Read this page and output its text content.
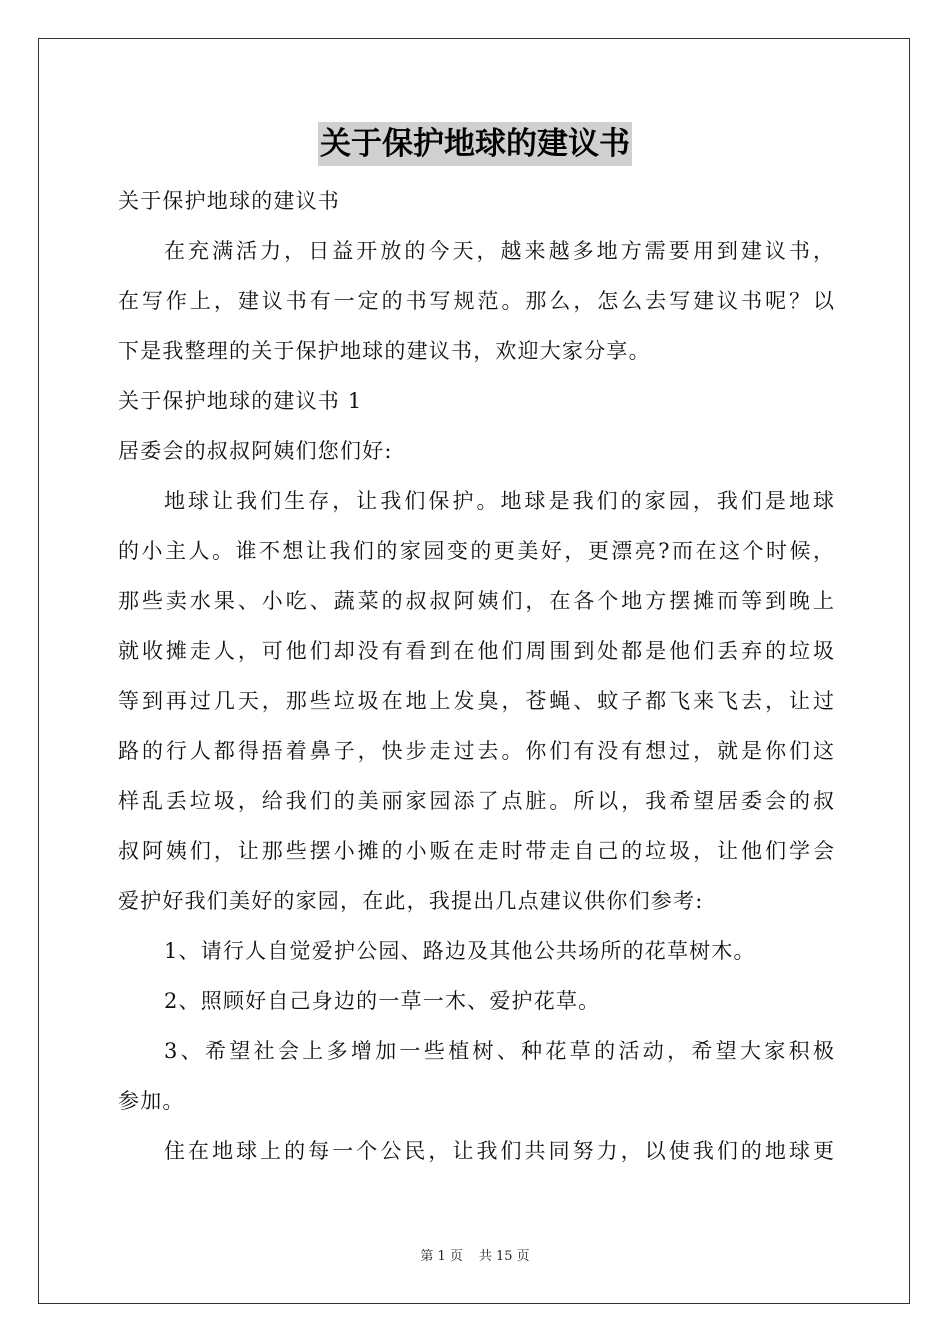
关于保护地球的建议书
关于保护地球的建议书
在充满活力，日益开放的今天，越来越多地方需要用到建议书，
在写作上，建议书有一定的书写规范。那么，怎么去写建议书呢？以
下是我整理的关于保护地球的建议书，欢迎大家分享。
关于保护地球的建议书 1
居委会的叔叔阿姨们您们好:
地球让我们生存，让我们保护。地球是我们的家园，我们是地球
的小主人。谁不想让我们的家园变的更美好，更漂亮?而在这个时候，
那些卖水果、小吃、蔬菜的叔叔阿姨们，在各个地方摆摊而等到晚上
就收摊走人，可他们却没有看到在他们周围到处都是他们丢弃的垃圾
等到再过几天，那些垃圾在地上发臭，苍蝇、蚊子都飞来飞去，让过
路的行人都得捂着鼻子，快步走过去。你们有没有想过，就是你们这
样乱丢垃圾，给我们的美丽家园添了点脏。所以，我希望居委会的叔
叔阿姨们，让那些摆小摊的小贩在走时带走自己的垃圾，让他们学会
爱护好我们美好的家园，在此，我提出几点建议供你们参考:
1、请行人自觉爱护公园、路边及其他公共场所的花草树木。
2、照顾好自己身边的一草一木、爱护花草。
3、希望社会上多增加一些植树、种花草的活动，希望大家积极
参加。
住在地球上的每一个公民，让我们共同努力，以使我们的地球更
第 1 页 共 15 页
